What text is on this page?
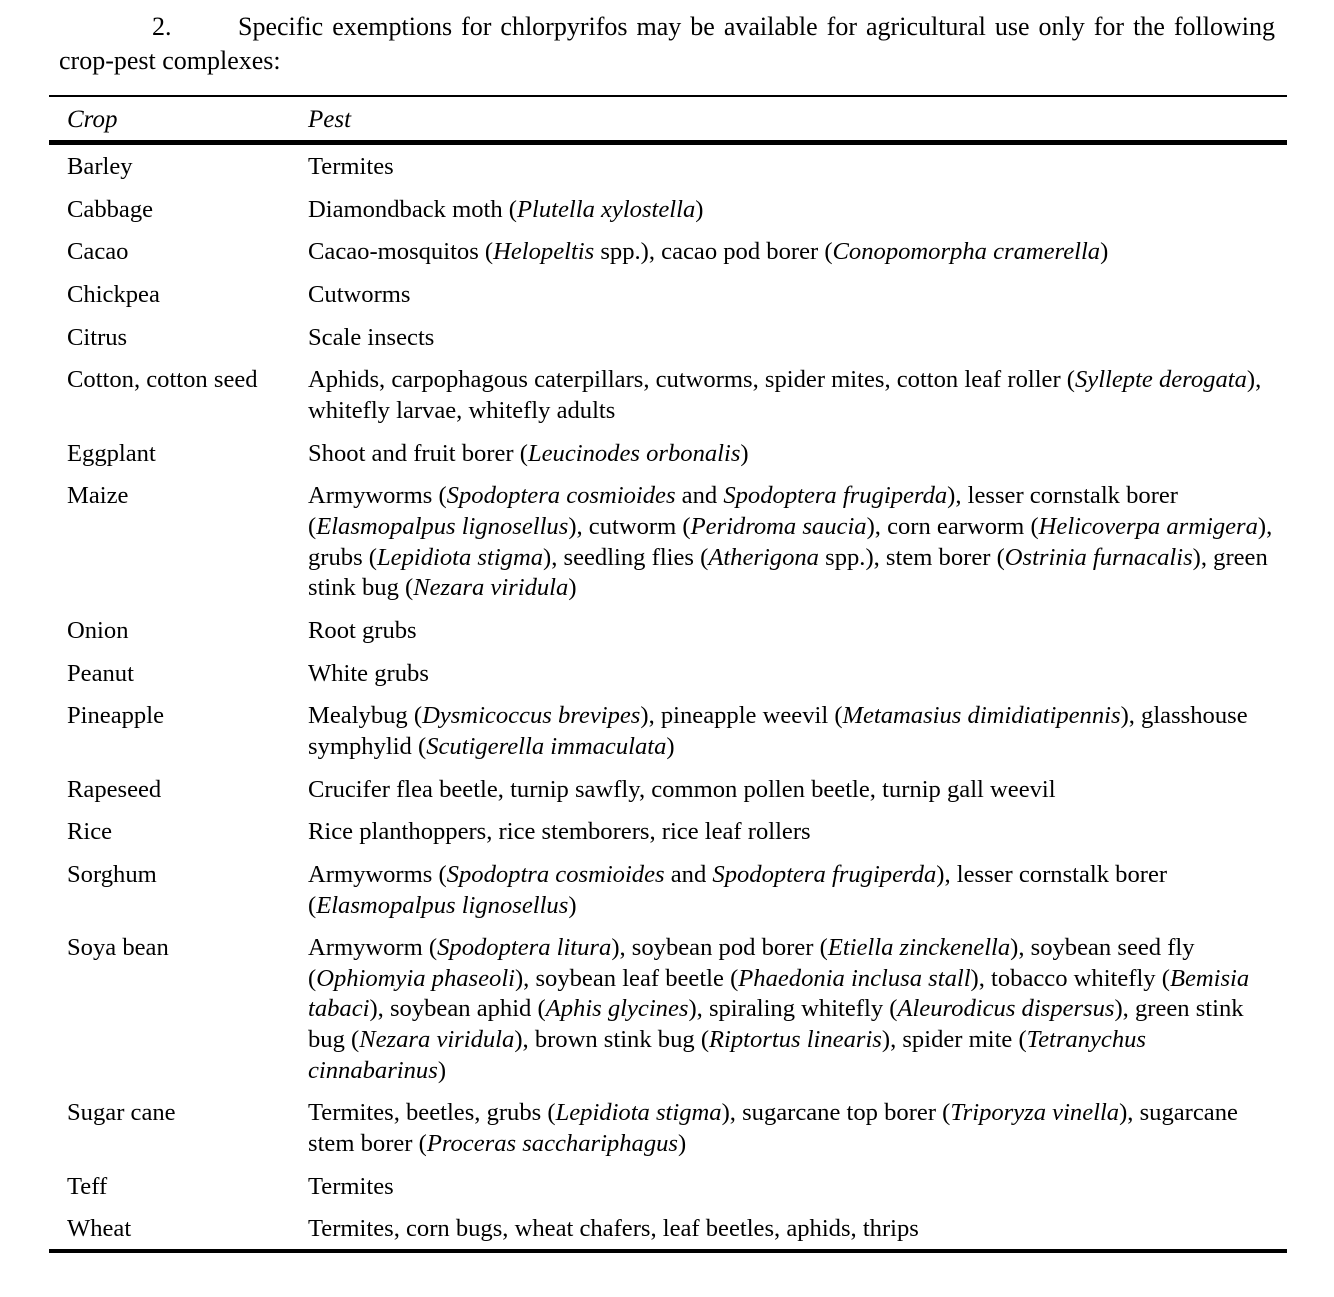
2.	Specific exemptions for chlorpyrifos may be available for agricultural use only for the following crop-pest complexes:
Crop	Pest
Barley	Termites
Cabbage	Diamondback moth (Plutella xylostella)
Cacao	Cacao-mosquitos (Helopeltis spp.), cacao pod borer (Conopomorpha cramerella)
Chickpea	Cutworms
Citrus	Scale insects
Cotton, cotton seed	Aphids, carpophagous caterpillars, cutworms, spider mites, cotton leaf roller (Syllepte derogata), whitefly larvae, whitefly adults
Eggplant	Shoot and fruit borer (Leucinodes orbonalis)
Maize	Armyworms (Spodoptera cosmioides and Spodoptera frugiperda), lesser cornstalk borer (Elasmopalpus lignosellus), cutworm (Peridroma saucia), corn earworm (Helicoverpa armigera), grubs (Lepidiota stigma), seedling flies (Atherigona spp.), stem borer (Ostrinia furnacalis), green stink bug (Nezara viridula)
Onion	Root grubs
Peanut	White grubs
Pineapple	Mealybug (Dysmicoccus brevipes), pineapple weevil (Metamasius dimidiatipennis), glasshouse symphylid (Scutigerella immaculata)
Rapeseed	Crucifer flea beetle, turnip sawfly, common pollen beetle, turnip gall weevil
Rice	Rice planthoppers, rice stemborers, rice leaf rollers
Sorghum	Armyworms (Spodoptra cosmioides and Spodoptera frugiperda), lesser cornstalk borer (Elasmopalpus lignosellus)
Soya bean	Armyworm (Spodoptera litura), soybean pod borer (Etiella zinckenella), soybean seed fly (Ophiomyia phaseoli), soybean leaf beetle (Phaedonia inclusa stall), tobacco whitefly (Bemisia tabaci), soybean aphid (Aphis glycines), spiraling whitefly (Aleurodicus dispersus), green stink bug (Nezara viridula), brown stink bug (Riptortus linearis), spider mite (Tetranychus cinnabarinus)
Sugar cane	Termites, beetles, grubs (Lepidiota stigma), sugarcane top borer (Triporyza vinella), sugarcane stem borer (Proceras sacchariphagus)
Teff	Termites
Wheat	Termites, corn bugs, wheat chafers, leaf beetles, aphids, thrips
